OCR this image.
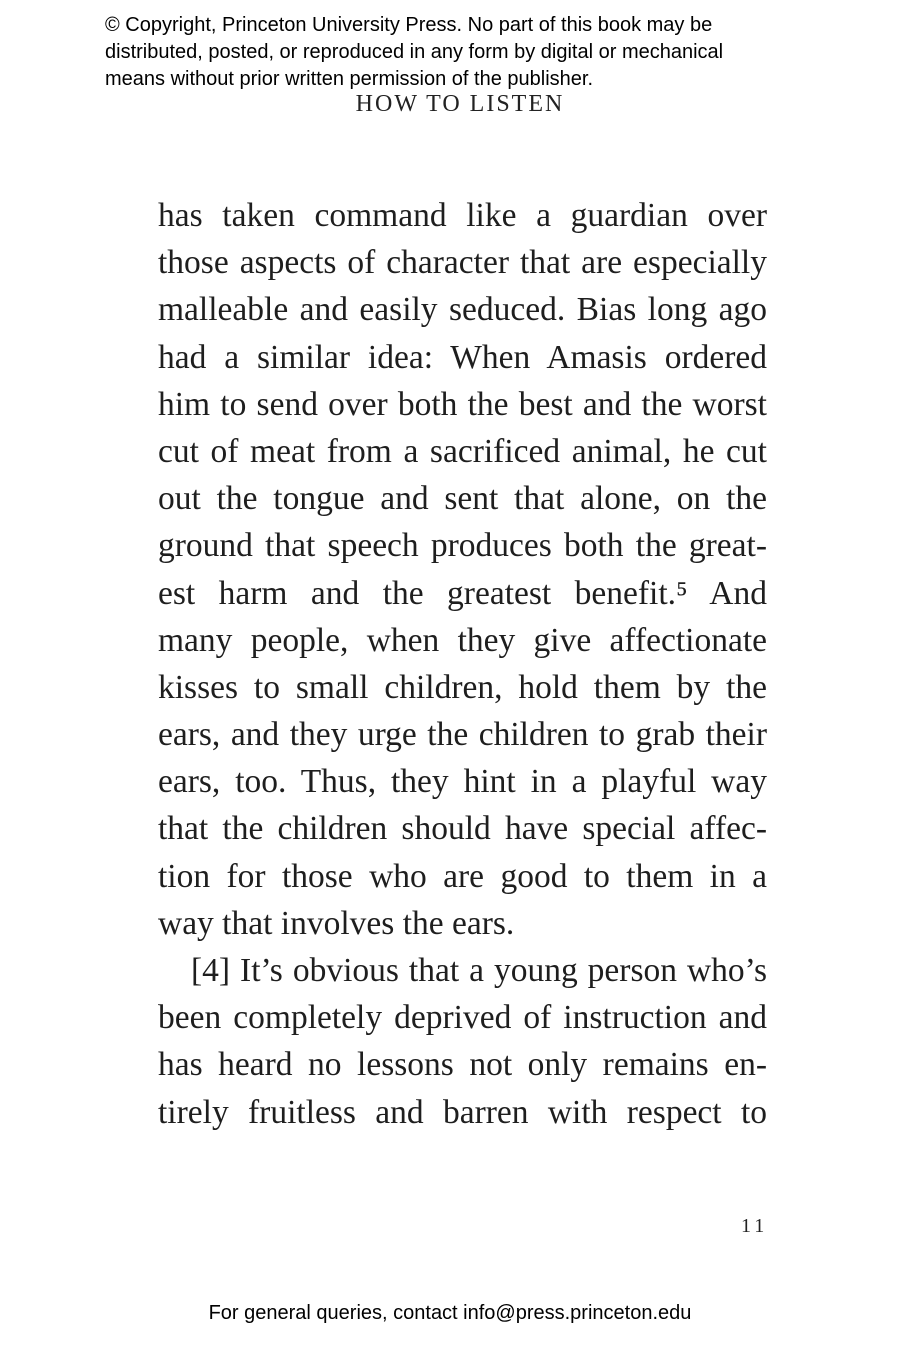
© Copyright, Princeton University Press. No part of this book may be
distributed, posted, or reproduced in any form by digital or mechanical
means without prior written permission of the publisher.
HOW TO LISTEN
has taken command like a guardian over
those aspects of character that are especially
malleable and easily seduced. Bias long ago
had a similar idea: When Amasis ordered
him to send over both the best and the worst
cut of meat from a sacrificed animal, he cut
out the tongue and sent that alone, on the
ground that speech produces both the great-
est harm and the greatest benefit.⁵ And
many people, when they give affectionate
kisses to small children, hold them by the
ears, and they urge the children to grab their
ears, too. Thus, they hint in a playful way
that the children should have special affec-
tion for those who are good to them in a
way that involves the ears.
[4] It’s obvious that a young person who’s
been completely deprived of instruction and
has heard no lessons not only remains en-
tirely fruitless and barren with respect to
11
For general queries, contact info@press.princeton.edu
